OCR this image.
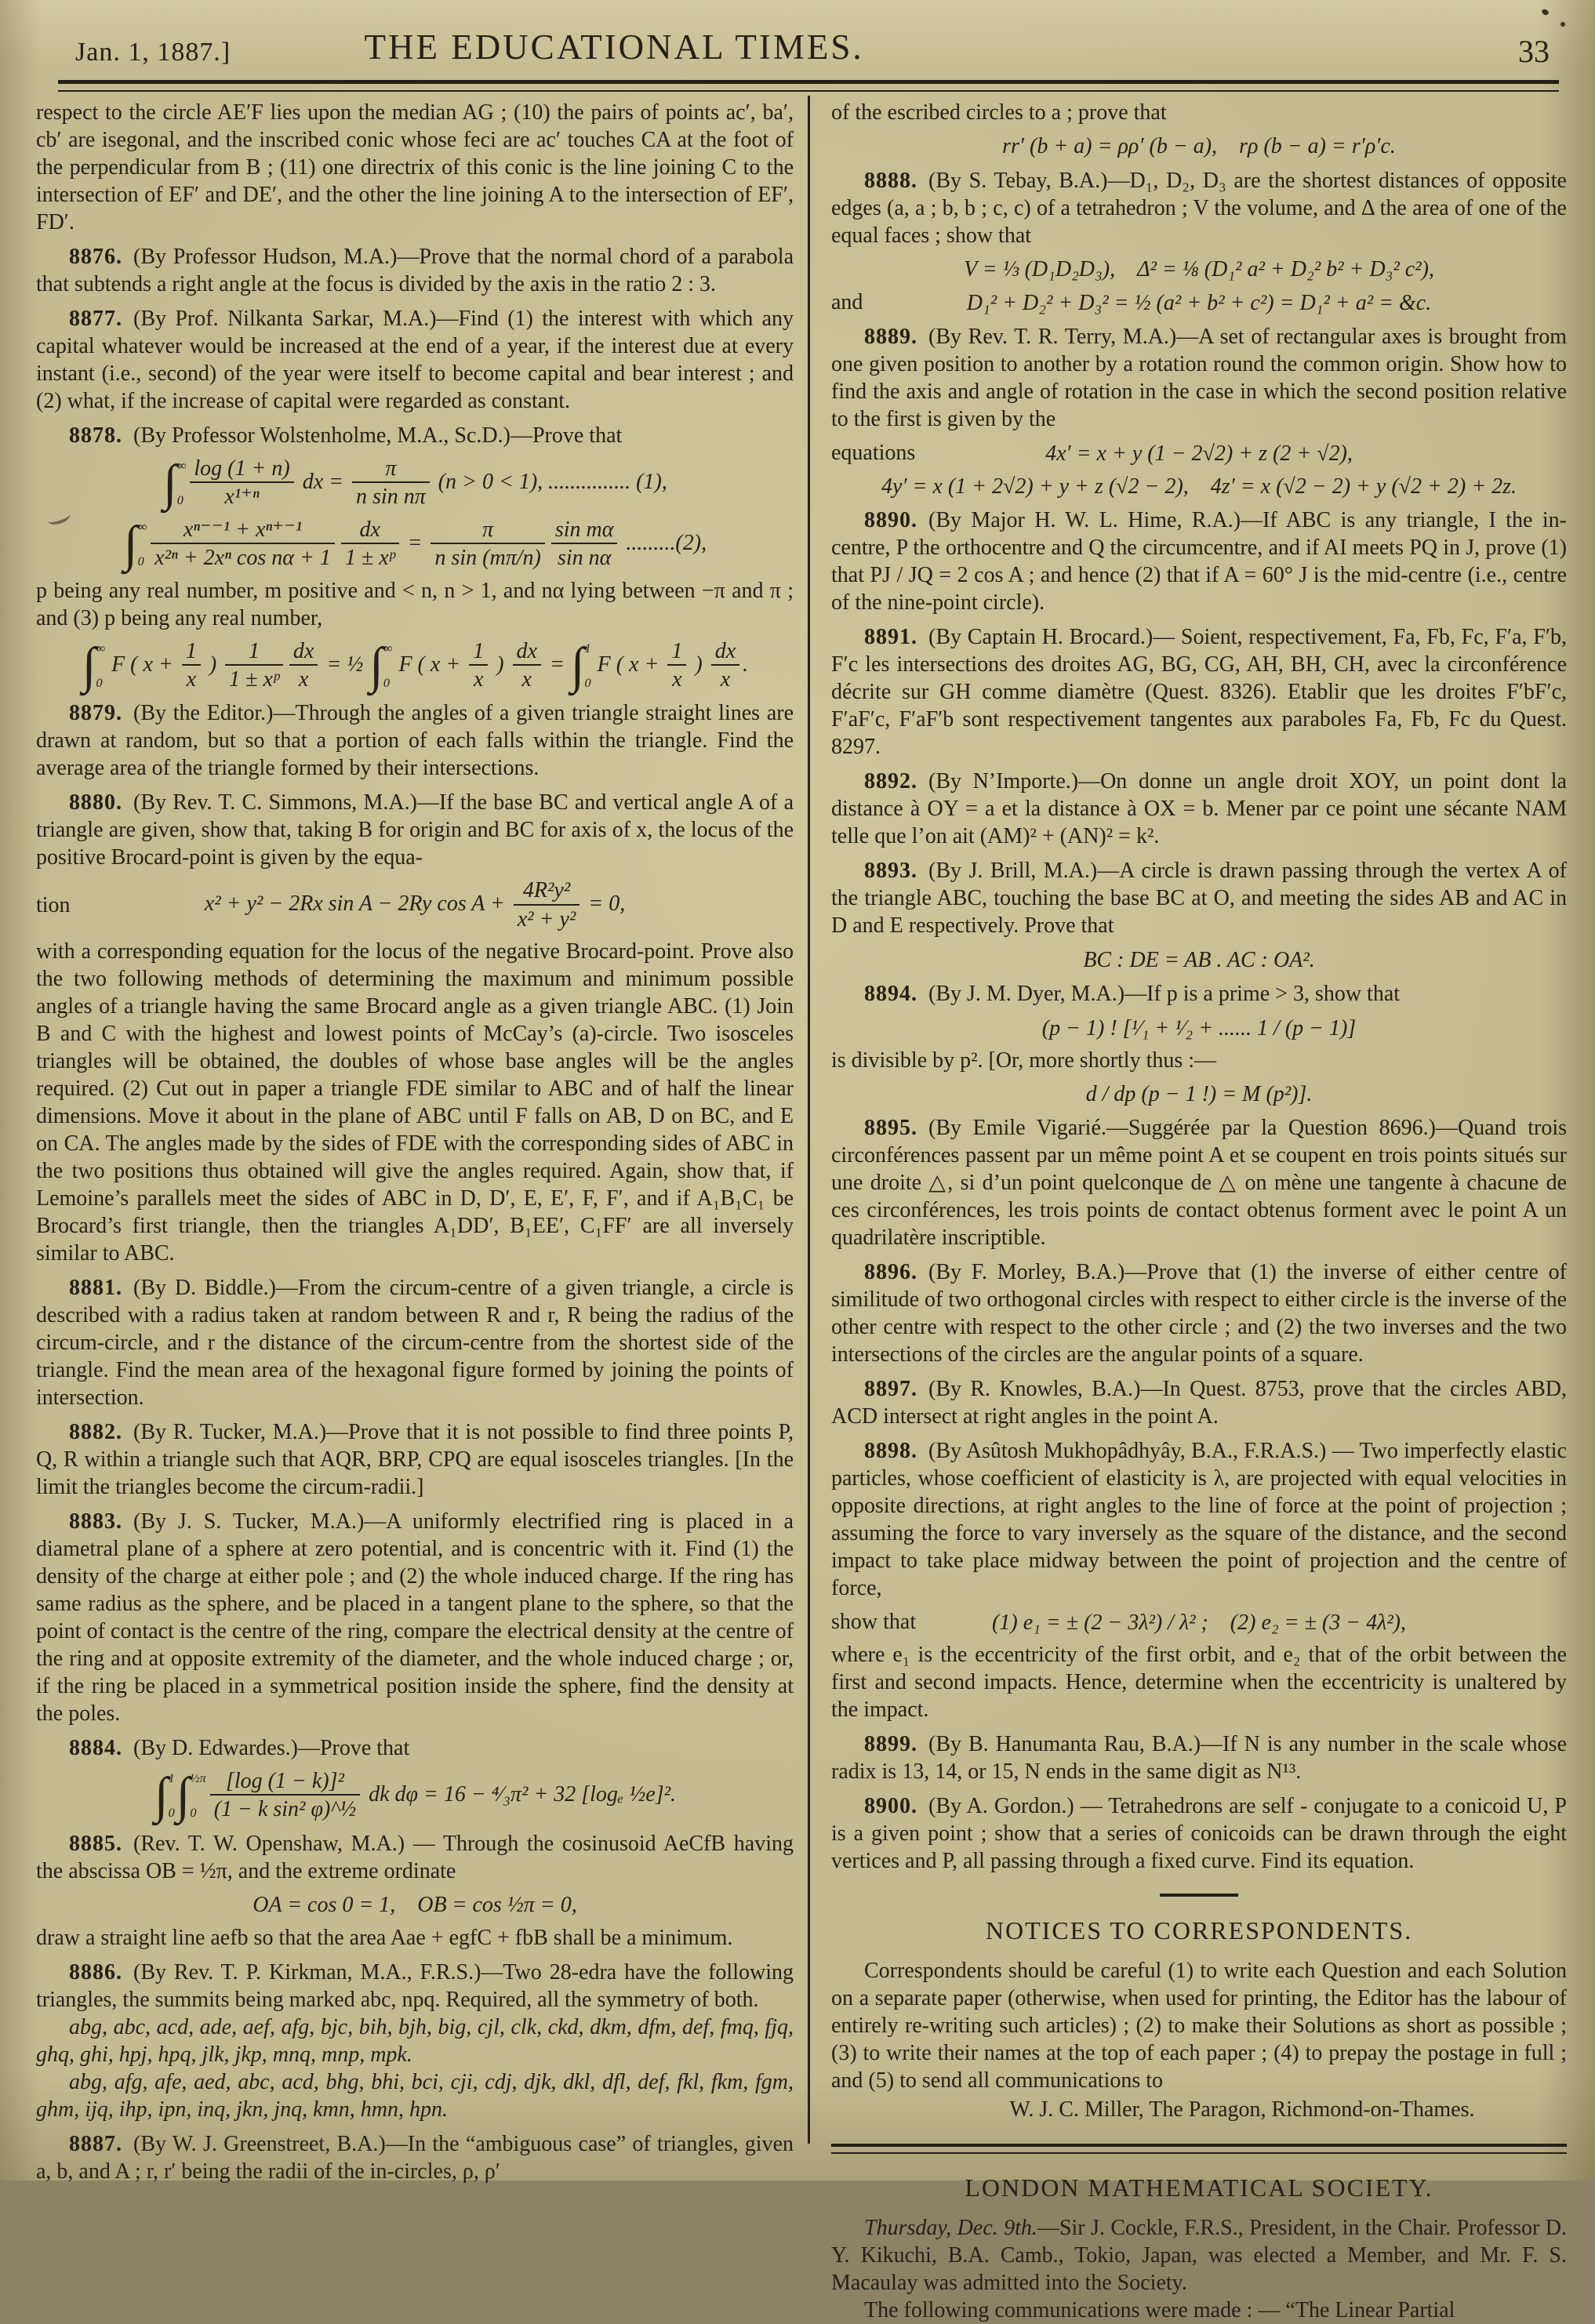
Jan. 1, 1887.]	THE EDUCATIONAL TIMES.	33

respect to the circle AE′F lies upon the median AG ; (10) the pairs of points ac′, ba′, cb′ are isegonal, and the inscribed conic whose feci are ac′ touches CA at the foot of the perpendicular from B ; (11) one directrix of this conic is the line joining C to the intersection of EF′ and DE′, and the other the line joining A to the intersection of EF′, FD′.

8876. (By Professor Hudson, M.A.)—Prove that the normal chord of a parabola that subtends a right angle at the focus is divided by the axis in the ratio 2 : 3.

8877. (By Prof. Nilkanta Sarkar, M.A.)—Find (1) the interest with which any capital whatever would be increased at the end of a year, if the interest due at every instant (i.e., second) of the year were itself to become capital and bear interest ; and (2) what, if the increase of capital were regarded as constant.

8878. (By Professor Wolstenholme, M.A., Sc.D.)—Prove that

∫ ∞
$0 \frac{\log (1 + n)}{\text{x¹⁺ⁿ}}$ dx = $\frac{\pi}{\text{n sin nπ}} (n > 0 < 1)$, ............... (1),
∫ ∞
$0 \frac{\text{xⁿ⁻⁻¹ + xⁿ⁺⁻¹}}{\text{x²ⁿ + 2xⁿ cos nα + 1}} \frac{dx}{\text{1 ± xᵖ}} = \frac{\pi}{\text{n sin (mπ/n)}} \frac{\text{sin mα}}{\text{sin nα}} .........(2)$,

p being any real number, m positive and < n, n > 1, and nα lying between −π and π ; and (3) p being any real number,

∫ ∞
0
F ( $x + \frac{1}{x}$ ) $\frac{1}{\text{1 ± xᵖ}} \frac{dx}{x}$ = ½ ∫ ∞
0
F ( $x + \frac{1}{x}$ ) $\frac{dx}{x}$ = ∫ 1
0
F ( $x + \frac{1}{x}$ ) $\frac{dx}{x}$ .

8879. (By the Editor.)—Through the angles of a given triangle straight lines are drawn at random, but so that a portion of each falls within the triangle. Find the average area of the triangle formed by their intersections.

8880. (By Rev. T. C. Simmons, M.A.)—If the base BC and vertical angle A of a triangle are given, show that, taking B for origin and BC for axis of x, the locus of the positive Brocard-point is given by the equa-

tion	x² + y² − 2Rx sin A − 2Ry $\cos A + \frac{\text{4R²y²}}{\text{x² + y²}} = 0$,

with a corresponding equation for the locus of the negative Brocard-point. Prove also the two following methods of determining the maximum and minimum possible angles of a triangle having the same Brocard angle as a given triangle ABC. (1) Join B and C with the highest and lowest points of McCay’s (a)-circle. Two isosceles triangles will be obtained, the doubles of whose base angles will be the angles required. (2) Cut out in paper a triangle FDE similar to ABC and of half the linear dimensions. Move it about in the plane of ABC until F falls on AB, D on BC, and E on CA. The angles made by the sides of FDE with the corresponding sides of ABC in the two positions thus obtained will give the angles required. Again, show that, if Lemoine’s parallels meet the sides of ABC in D, D′, E, E′, F, F′, and if A₁B₁C₁ be Brocard’s first triangle, then the triangles A₁DD′, B₁EE′, C₁FF′ are all inversely similar to ABC.

8881. (By D. Biddle.)—From the circum-centre of a given triangle, a circle is described with a radius taken at random between R and r, R being the radius of the circum-circle, and r the distance of the circum-centre from the shortest side of the triangle. Find the mean area of the hexagonal figure formed by joining the points of intersection.

8882. (By R. Tucker, M.A.)—Prove that it is not possible to find three points P, Q, R within a triangle such that AQR, BRP, CPQ are equal isosceles triangles. [In the limit the triangles become the circum-radii.]

8883. (By J. S. Tucker, M.A.)—A uniformly electrified ring is placed in a diametral plane of a sphere at zero potential, and is concentric with it. Find (1) the density of the charge at either pole ; and (2) the whole induced charge. If the ring has same radius as the sphere, and be placed in a tangent plane to the sphere, so that the point of contact is the centre of the ring, compare the electrical density at the centre of the ring and at opposite extremity of the diameter, and the whole induced charge ; or, if the ring be placed in a symmetrical position inside the sphere, find the density at the poles.

8884. (By D. Edwardes.)—Prove that

∫ 1
0 ∫ ½π
$0 \frac{\text{[log (1 − k)]²}}{\text{(1 − k sin² φ)\textasciicircum{}½}}$ dk dφ = 16 − ⁴⁄₃π² + 32 [logₑ ½e]².

8885. (Rev. T. W. Openshaw, M.A.) — Through the cosinusoid AeCfB having the abscissa OB = ½π, and the extreme ordinate

OA = cos 0 = 1, OB = cos ½π = 0,

draw a straight line aefb so that the area Aae + egfC + fbB shall be a minimum.

8886. (By Rev. T. P. Kirkman, M.A., F.R.S.)—Two 28-edra have the following triangles, the summits being marked abc, npq. Required, all the symmetry of both.

abg, abc, acd, ade, aef, afg, bjc, bih, bjh, big, cjl, clk, ckd, dkm, dfm, def, fmq, fjq, ghq, ghi, hpj, hpq, jlk, jkp, mnq, mnp, mpk.

abg, afg, afe, aed, abc, acd, bhg, bhi, bci, cji, cdj, djk, dkl, dfl, def, fkl, fkm, fgm, ghm, ijq, ihp, ipn, inq, jkn, jnq, kmn, hmn, hpn.

8887. (By W. J. Greenstreet, B.A.)—In the “ambiguous case” of triangles, given a, b, and A ; r, r′ being the radii of the in-circles, ρ, ρ′

of the escribed circles to a ; prove that

rr′ (b + a) = ρρ′ (b − a), rρ (b − a) = r′ρ′c.

8888. (By S. Tebay, B.A.)—D₁, D₂, D₃ are the shortest distances of opposite edges (a, a ; b, b ; c, c) of a tetrahedron ; V the volume, and Δ the area of one of the equal faces ; show that

V = ⅓ (D₁D₂D₃), Δ² = ⅛ (D₁² a² + D₂² b² + D₃² c²),
and	D₁² + D₂² + D₃² = ½ (a² + b² + c²) = D₁² + a² = &c.

8889. (By Rev. T. R. Terry, M.A.)—A set of rectangular axes is brought from one given position to another by a rotation round the common origin. Show how to find the axis and angle of rotation in the case in which the second position relative to the first is given by the

equations	4x′ = x + y (1 − 2√2) + z (2 + √2),
4y′ = x (1 + 2√2) + y + z (√2 − 2), 4z′ = x (√2 − 2) + y (√2 + 2) + 2z.

8890. (By Major H. W. L. Hime, R.A.)—If ABC is any triangle, I the in-centre, P the orthocentre and Q the circumcentre, and if AI meets PQ in J, prove (1) that PJ / JQ = 2 cos A ; and hence (2) that if A = 60° J is the mid-centre (i.e., centre of the nine-point circle).

8891. (By Captain H. Brocard.)— Soient, respectivement, Fa, Fb, Fc, F′a, F′b, F′c les intersections des droites AG, BG, CG, AH, BH, CH, avec la circonférence décrite sur GH comme diamètre (Quest. 8326). Etablir que les droites F′bF′c, F′aF′c, F′aF′b sont respectivement tangentes aux paraboles Fa, Fb, Fc du Quest. 8297.

8892. (By N’Importe.)—On donne un angle droit XOY, un point dont la distance à OY = a et la distance à OX = b. Mener par ce point une sécante NAM telle que l’on ait (AM)² + (AN)² = k².

8893. (By J. Brill, M.A.)—A circle is drawn passing through the vertex A of the triangle ABC, touching the base BC at O, and meeting the sides AB and AC in D and E respectively. Prove that

BC : DE = AB . AC : OA².

8894. (By J. M. Dyer, M.A.)—If p is a prime > 3, show that

(p − 1) ! [¹⁄₁ + ¹⁄₂ + ...... 1 / (p − 1)]

is divisible by p². [Or, more shortly thus :—

d / dp (p − 1 !) = M (p²)].

8895. (By Emile Vigarié.—Suggérée par la Question 8696.)—Quand trois circonférences passent par un même point A et se coupent en trois points situés sur une droite △, si d’un point quelconque de △ on mène une tangente à chacune de ces circonférences, les trois points de contact obtenus forment avec le point A un quadrilatère inscriptible.

8896. (By F. Morley, B.A.)—Prove that (1) the inverse of either centre of similitude of two orthogonal circles with respect to either circle is the inverse of the other centre with respect to the other circle ; and (2) the two inverses and the two intersections of the circles are the angular points of a square.

8897. (By R. Knowles, B.A.)—In Quest. 8753, prove that the circles ABD, ACD intersect at right angles in the point A.

8898. (By Asûtosh Mukhopâdhyây, B.A., F.R.A.S.) — Two imperfectly elastic particles, whose coefficient of elasticity is λ, are projected with equal velocities in opposite directions, at right angles to the line of force at the point of projection ; assuming the force to vary inversely as the square of the distance, and the second impact to take place midway between the point of projection and the centre of force,

show that	(1) e₁ = ± (2 − 3λ²) / λ² ; (2) e₂ = ± (3 − 4λ²),

where e₁ is the eccentricity of the first orbit, and e₂ that of the orbit between the first and second impacts. Hence, determine when the eccentricity is unaltered by the impact.

8899. (By B. Hanumanta Rau, B.A.)—If N is any number in the scale whose radix is 13, 14, or 15, N ends in the same digit as N¹³.

8900. (By A. Gordon.) — Tetrahedrons are self - conjugate to a conicoid U, P is a given point ; show that a series of conicoids can be drawn through the eight vertices and P, all passing through a fixed curve. Find its equation.

NOTICES TO CORRESPONDENTS.

Correspondents should be careful (1) to write each Question and each Solution on a separate paper (otherwise, when used for printing, the Editor has the labour of entirely re-writing such articles) ; (2) to make their Solutions as short as possible ; (3) to write their names at the top of each paper ; (4) to prepay the postage in full ; and (5) to send all communications to

W. J. C. Miller, The Paragon, Richmond-on-Thames.

LONDON MATHEMATICAL SOCIETY.

Thursday, Dec. 9th.—Sir J. Cockle, F.R.S., President, in the Chair. Professor D. Y. Kikuchi, B.A. Camb., Tokio, Japan, was elected a Member, and Mr. F. S. Macaulay was admitted into the Society.

The following communications were made : — “The Linear Partial
